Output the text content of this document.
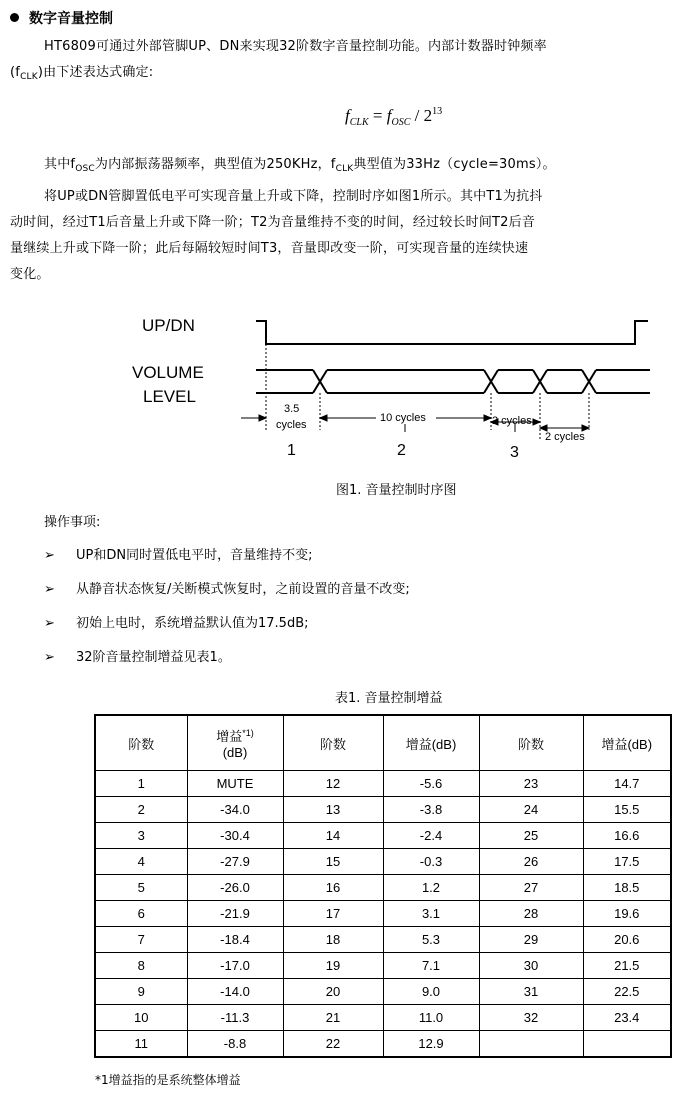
数字音量控制
HT6809可通过外部管脚UP、DN来实现32阶数字音量控制功能。内部计数器时钟频率
$(f_{CLK})$由下述表达式确定:
$f_{CLK} = f_{OSC} / 2^{13}$
其中$f_{OSC}$为内部振荡器频率，典型值为250KHz，$f_{CLK}$典型值为33Hz（cycle=30ms）。
将UP或DN管脚置低电平可实现音量上升或下降，控制时序如图1所示。其中T1为抗抖
动时间，经过T1后音量上升或下降一阶；T2为音量维持不变的时间，经过较长时间T2后音
量继续上升或下降一阶；此后每隔较短时间T3，音量即改变一阶，可实现音量的连续快速
变化。
UP/DN
VOLUME
LEVEL
3.5
cycles
10 cycles	2 cycles
2 cycles
1	2	3
图1. 音量控制时序图
操作事项:
➢ UP和DN同时置低电平时，音量维持不变;
➢ 从静音状态恢复/关断模式恢复时，之前设置的音量不改变;
➢ 初始上电时，系统增益默认值为17.5dB;
➢ 32阶音量控制增益见表1。
表1. 音量控制增益
阶数	增益$^{*1)}$
(dB)	阶数	增益(dB)	阶数	增益(dB)
1	MUTE	12	-5.6	23	14.7
2	-34.0	13	-3.8	24	15.5
3	-30.4	14	-2.4	25	16.6
4	-27.9	15	-0.3	26	17.5
5	-26.0	16	1.2	27	18.5
6	-21.9	17	3.1	28	19.6
7	-18.4	18	5.3	29	20.6
8	-17.0	19	7.1	30	21.5
9	-14.0	20	9.0	31	22.5
10	-11.3	21	11.0	32	23.4
11	-8.8	22	12.9		
*1增益指的是系统整体增益
